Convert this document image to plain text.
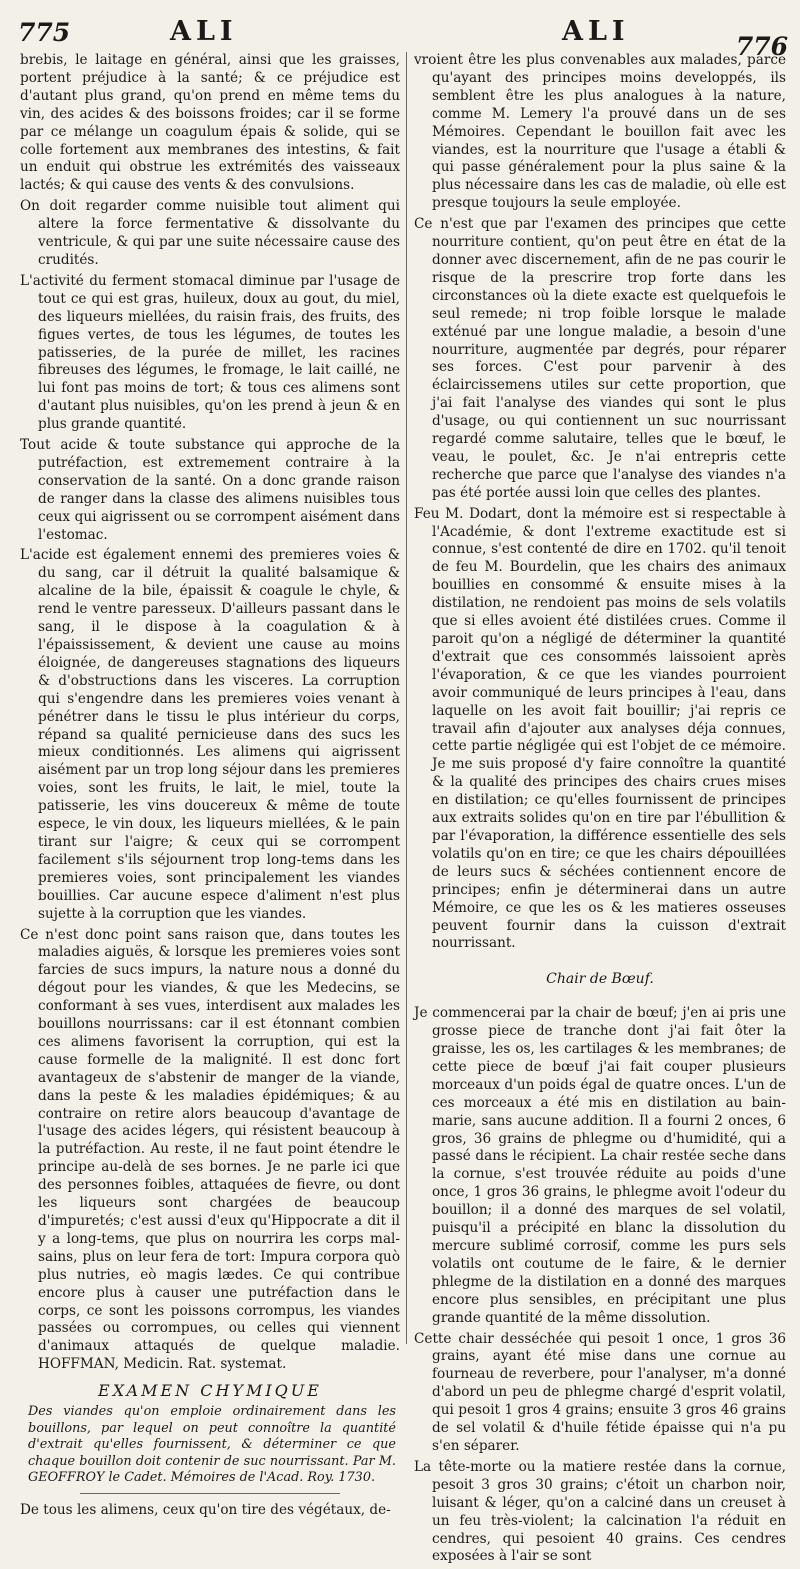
775	ALI	ALI	776

brebis, le laitage en général, ainsi que les graisses, portent préjudice à la santé; & ce préjudice est d'autant plus grand, qu'on prend en même tems du vin, des acides & des boissons froides; car il se forme par ce mélange un coagulum épais & solide, qui se colle fortement aux membranes des intestins, & fait un enduit qui obstrue les extrémités des vaisseaux lactés; & qui cause des vents & des convulsions.

On doit regarder comme nuisible tout aliment qui altere la force fermentative & dissolvante du ventricule, & qui par une suite nécessaire cause des crudités.

L'activité du ferment stomacal diminue par l'usage de tout ce qui est gras, huileux, doux au gout, du miel, des liqueurs miellées, du raisin frais, des fruits, des figues vertes, de tous les légumes, de toutes les patisseries, de la purée de millet, les racines fibreuses des légumes, le fromage, le lait caillé, ne lui font pas moins de tort; & tous ces alimens sont d'autant plus nuisibles, qu'on les prend à jeun & en plus grande quantité.

Tout acide & toute substance qui approche de la putréfaction, est extremement contraire à la conservation de la santé. On a donc grande raison de ranger dans la classe des alimens nuisibles tous ceux qui aigrissent ou se corrompent aisément dans l'estomac.

L'acide est également ennemi des premieres voies & du sang, car il détruit la qualité balsamique & alcaline de la bile, épaissit & coagule le chyle, & rend le ventre paresseux. D'ailleurs passant dans le sang, il le dispose à la coagulation & à l'épaississement, & devient une cause au moins éloignée, de dangereuses stagnations des liqueurs & d'obstructions dans les visceres. La corruption qui s'engendre dans les premieres voies venant à pénétrer dans le tissu le plus intérieur du corps, répand sa qualité pernicieuse dans des sucs les mieux conditionnés. Les alimens qui aigrissent aisément par un trop long séjour dans les premieres voies, sont les fruits, le lait, le miel, toute la patisserie, les vins doucereux & même de toute espece, le vin doux, les liqueurs miellées, & le pain tirant sur l'aigre; & ceux qui se corrompent facilement s'ils séjournent trop long-tems dans les premieres voies, sont principalement les viandes bouillies. Car aucune espece d'aliment n'est plus sujette à la corruption que les viandes.

Ce n'est donc point sans raison que, dans toutes les maladies aiguës, & lorsque les premieres voies sont farcies de sucs impurs, la nature nous a donné du dégout pour les viandes, & que les Medecins, se conformant à ses vues, interdisent aux malades les bouillons nourrissans: car il est étonnant combien ces alimens favorisent la corruption, qui est la cause formelle de la malignité. Il est donc fort avantageux de s'abstenir de manger de la viande, dans la peste & les maladies épidémiques; & au contraire on retire alors beaucoup d'avantage de l'usage des acides légers, qui résistent beaucoup à la putréfaction. Au reste, il ne faut point étendre le principe au-delà de ses bornes. Je ne parle ici que des personnes foibles, attaquées de fievre, ou dont les liqueurs sont chargées de beaucoup d'impuretés; c'est aussi d'eux qu'Hippocrate a dit il y a long-tems, que plus on nourrira les corps mal-sains, plus on leur fera de tort: Impura corpora quò plus nutries, eò magis lædes. Ce qui contribue encore plus à causer une putréfaction dans le corps, ce sont les poissons corrompus, les viandes passées ou corrompues, ou celles qui viennent d'animaux attaqués de quelque maladie. HOFFMAN, Medicin. Rat. systemat.

EXAMEN CHYMIQUE
Des viandes qu'on emploie ordinairement dans les bouillons, par lequel on peut connoître la quantité d'extrait qu'elles fournissent, & déterminer ce que chaque bouillon doit contenir de suc nourrissant. Par M. GEOFFROY le Cadet. Mémoires de l'Acad. Roy. 1730.

De tous les alimens, ceux qu'on tire des végétaux, de-

vroient être les plus convenables aux malades, parce qu'ayant des principes moins developpés, ils semblent être les plus analogues à la nature, comme M. Lemery l'a prouvé dans un de ses Mémoires. Cependant le bouillon fait avec les viandes, est la nourriture que l'usage a établi & qui passe généralement pour la plus saine & la plus nécessaire dans les cas de maladie, où elle est presque toujours la seule employée.

Ce n'est que par l'examen des principes que cette nourriture contient, qu'on peut être en état de la donner avec discernement, afin de ne pas courir le risque de la prescrire trop forte dans les circonstances où la diete exacte est quelquefois le seul remede; ni trop foible lorsque le malade exténué par une longue maladie, a besoin d'une nourriture, augmentée par degrés, pour réparer ses forces. C'est pour parvenir à des éclaircissemens utiles sur cette proportion, que j'ai fait l'analyse des viandes qui sont le plus d'usage, ou qui contiennent un suc nourrissant regardé comme salutaire, telles que le bœuf, le veau, le poulet, &c. Je n'ai entrepris cette recherche que parce que l'analyse des viandes n'a pas été portée aussi loin que celles des plantes.

Feu M. Dodart, dont la mémoire est si respectable à l'Académie, & dont l'extreme exactitude est si connue, s'est contenté de dire en 1702. qu'il tenoit de feu M. Bourdelin, que les chairs des animaux bouillies en consommé & ensuite mises à la distilation, ne rendoient pas moins de sels volatils que si elles avoient été distilées crues. Comme il paroit qu'on a négligé de déterminer la quantité d'extrait que ces consommés laissoient après l'évaporation, & ce que les viandes pourroient avoir communiqué de leurs principes à l'eau, dans laquelle on les avoit fait bouillir; j'ai repris ce travail afin d'ajouter aux analyses déja connues, cette partie négligée qui est l'objet de ce mémoire. Je me suis proposé d'y faire connoître la quantité & la qualité des principes des chairs crues mises en distilation; ce qu'elles fournissent de principes aux extraits solides qu'on en tire par l'ébullition & par l'évaporation, la différence essentielle des sels volatils qu'on en tire; ce que les chairs dépouillées de leurs sucs & séchées contiennent encore de principes; enfin je déterminerai dans un autre Mémoire, ce que les os & les matieres osseuses peuvent fournir dans la cuisson d'extrait nourrissant.

Chair de Bœuf.

Je commencerai par la chair de bœuf; j'en ai pris une grosse piece de tranche dont j'ai fait ôter la graisse, les os, les cartilages & les membranes; de cette piece de bœuf j'ai fait couper plusieurs morceaux d'un poids égal de quatre onces. L'un de ces morceaux a été mis en distilation au bain-marie, sans aucune addition. Il a fourni 2 onces, 6 gros, 36 grains de phlegme ou d'humidité, qui a passé dans le récipient. La chair restée seche dans la cornue, s'est trouvée réduite au poids d'une once, 1 gros 36 grains, le phlegme avoit l'odeur du bouillon; il a donné des marques de sel volatil, puisqu'il a précipité en blanc la dissolution du mercure sublimé corrosif, comme les purs sels volatils ont coutume de le faire, & le dernier phlegme de la distilation en a donné des marques encore plus sensibles, en précipitant une plus grande quantité de la même dissolution.

Cette chair desséchée qui pesoit 1 once, 1 gros 36 grains, ayant été mise dans une cornue au fourneau de reverbere, pour l'analyser, m'a donné d'abord un peu de phlegme chargé d'esprit volatil, qui pesoit 1 gros 4 grains; ensuite 3 gros 46 grains de sel volatil & d'huile fétide épaisse qui n'a pu s'en séparer.

La tête-morte ou la matiere restée dans la cornue, pesoit 3 gros 30 grains; c'étoit un charbon noir, luisant & léger, qu'on a calciné dans un creuset à un feu très-violent; la calcination l'a réduit en cendres, qui pesoient 40 grains. Ces cendres exposées à l'air se sont
